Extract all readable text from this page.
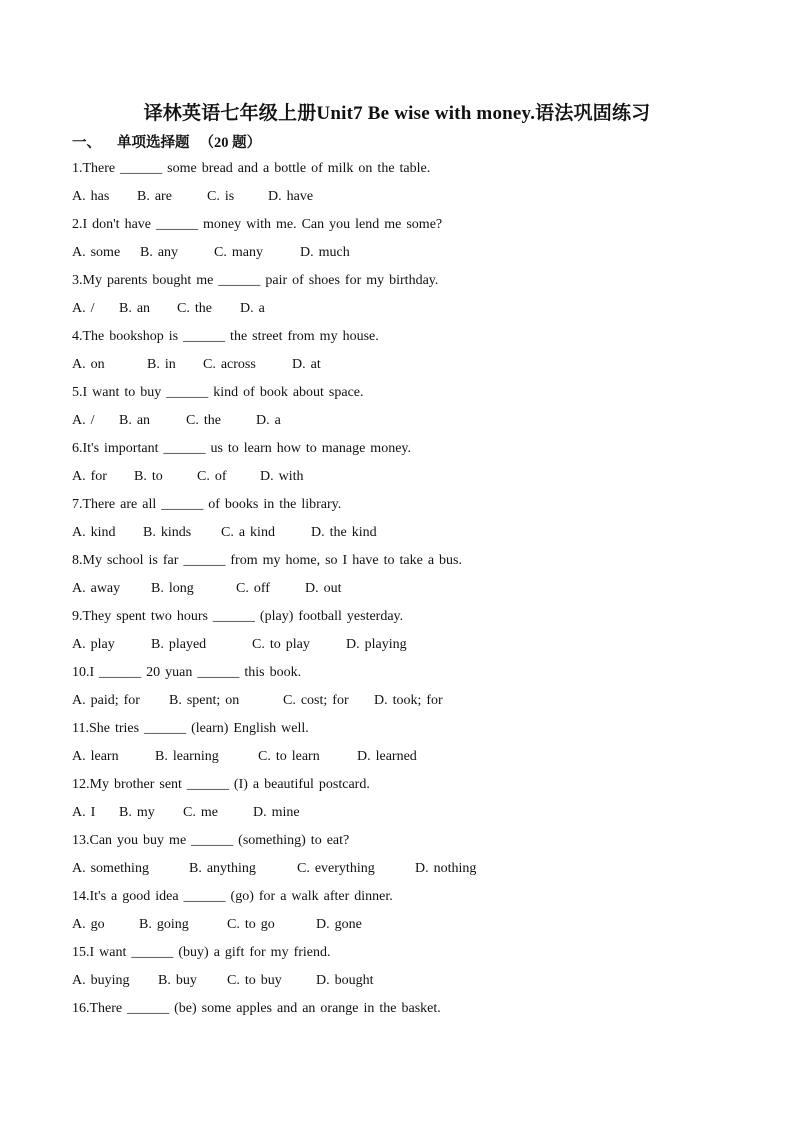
译林英语七年级上册Unit7 Be wise with money.语法巩固练习
一、 单项选择题 （20 题）
1.There ______ some bread and a bottle of milk on the table.
A. has B. are	C. is D. have
2.I don't have ______ money with me. Can you lend me some?
A. some B. any	C. many	D. much
3.My parents bought me ______ pair of shoes for my birthday.
A. / B. an C. the D. a
4.The bookshop is ______ the street from my house.
A. on	B. in C. across	D. at
5.I want to buy ______ kind of book about space.
A. / B. an	C. the	D. a
6.It's important ______ us to learn how to manage money.
A. for B. to C. of D. with
7.There are all ______ of books in the library.
A. kind B. kinds C. a kind	D. the kind
8.My school is far ______ from my home, so I have to take a bus.
A. away B. long	C. off	D. out
9.They spent two hours ______ (play) football yesterday.
A. play	B. played	C. to play	D. playing
10.I ______ 20 yuan ______ this book.
A. paid; for B. spent; on	C. cost; for D. took; for
11.She tries ______ (learn) English well.
A. learn	B. learning	C. to learn	D. learned
12.My brother sent ______ (I) a beautiful postcard.
A. I B. my C. me	D. mine
13.Can you buy me ______ (something) to eat?
A. something	B. anything	C. everything	D. nothing
14.It's a good idea ______ (go) for a walk after dinner.
A. go B. going	C. to go	D. gone
15.I want ______ (buy) a gift for my friend.
A. buying B. buy C. to buy D. bought
16.There ______ (be) some apples and an orange in the basket.
